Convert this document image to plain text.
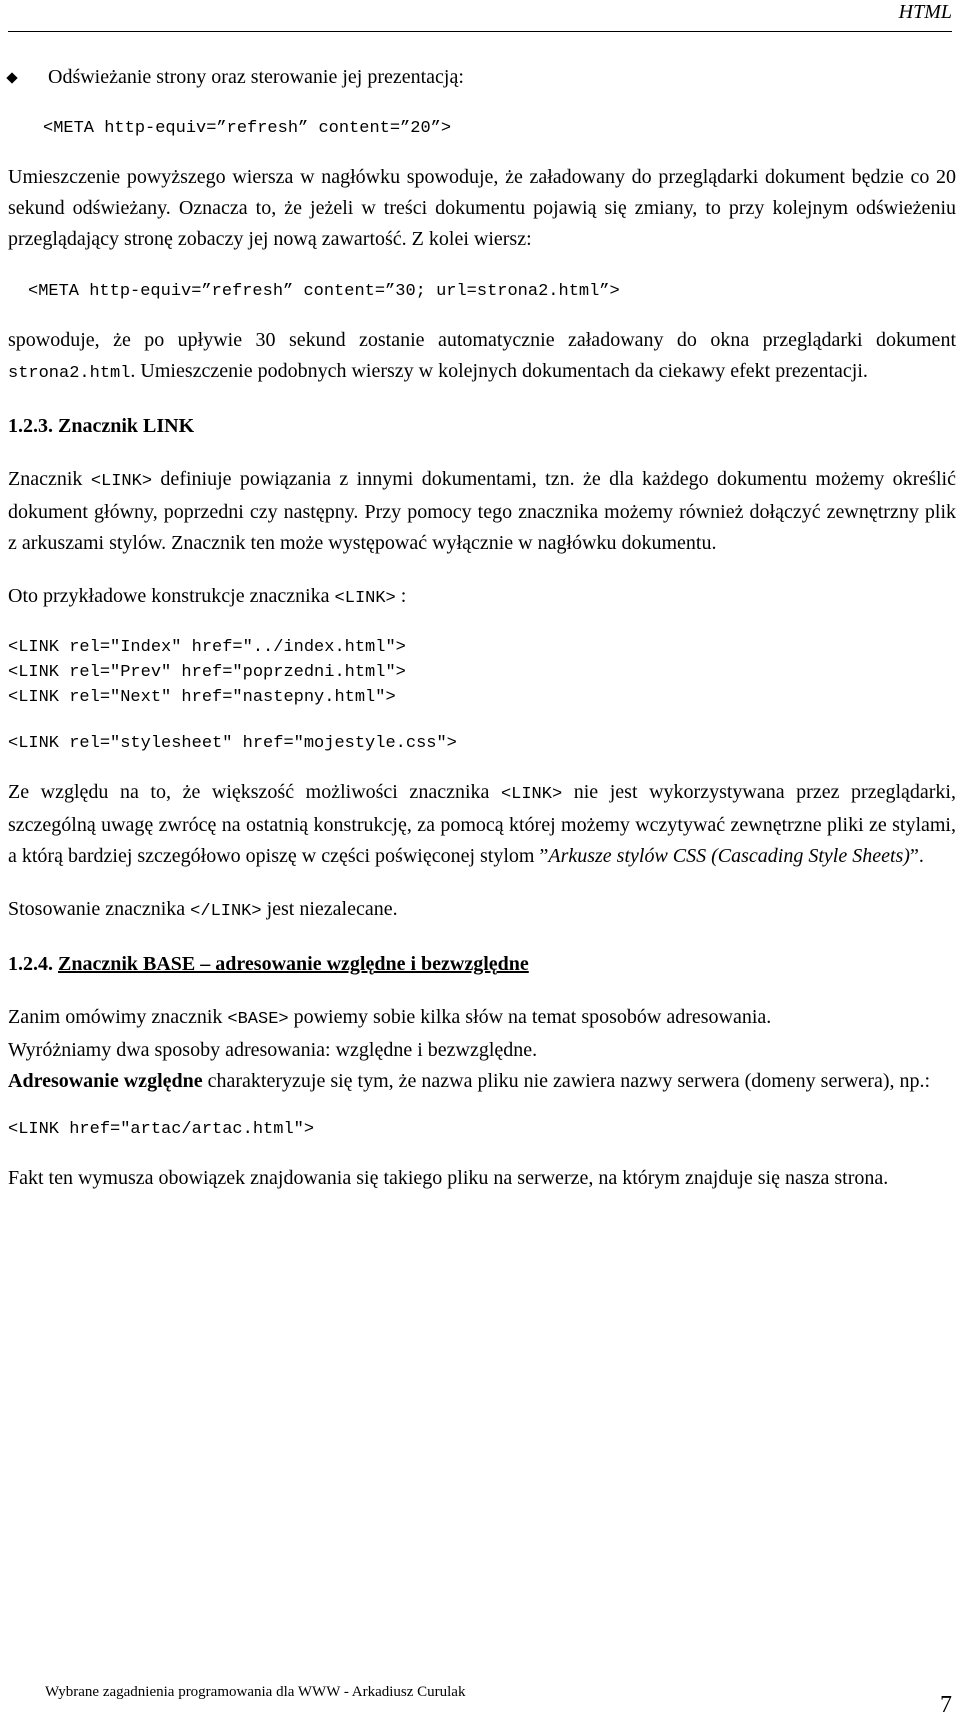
HTML

Odświeżanie strony oraz sterowanie jej prezentacją:

<META http-equiv=”refresh” content=”20”>

Umieszczenie powyższego wiersza w nagłówku spowoduje, że załadowany do przeglądarki dokument będzie co 20 sekund odświeżany. Oznacza to, że jeżeli w treści dokumentu pojawią się zmiany, to przy kolejnym odświeżeniu przeglądający stronę zobaczy jej nową zawartość. Z kolei wiersz:

<META http-equiv=”refresh” content=”30; url=strona2.html”>

spowoduje, że po upływie 30 sekund zostanie automatycznie załadowany do okna przeglądarki dokument strona2.html. Umieszczenie podobnych wierszy w kolejnych dokumentach da ciekawy efekt prezentacji.

1.2.3. Znacznik LINK

Znacznik <LINK> definiuje powiązania z innymi dokumentami, tzn. że dla każdego dokumentu możemy określić dokument główny, poprzedni czy następny. Przy pomocy tego znacznika możemy również dołączyć zewnętrzny plik z arkuszami stylów. Znacznik ten może występować wyłącznie w nagłówku dokumentu.

Oto przykładowe konstrukcje znacznika <LINK> :

<LINK rel="Index" href="../index.html">

<LINK rel="Prev" href="poprzedni.html">

<LINK rel="Next" href="nastepny.html">

<LINK rel="stylesheet" href="mojestyle.css">

Ze względu na to, że większość możliwości znacznika <LINK> nie jest wykorzystywana przez przeglądarki, szczególną uwagę zwrócę na ostatnią konstrukcję, za pomocą której możemy wczytywać zewnętrzne pliki ze stylami, a którą bardziej szczegółowo opiszę w części poświęconej stylom ”Arkusze stylów CSS (Cascading Style Sheets)”.

Stosowanie znacznika </LINK> jest niezalecane.

1.2.4. Znacznik BASE – adresowanie względne i bezwzględne

Zanim omówimy znacznik <BASE> powiemy sobie kilka słów na temat sposobów adresowania.

Wyróżniamy dwa sposoby adresowania: względne i bezwzględne.

Adresowanie względne charakteryzuje się tym, że nazwa pliku nie zawiera nazwy serwera (domeny serwera), np.:

<LINK href="artac/artac.html">

Fakt ten wymusza obowiązek znajdowania się takiego pliku na serwerze, na którym znajduje się nasza strona.

Wybrane zagadnienia programowania dla WWW - Arkadiusz Curulak	7
